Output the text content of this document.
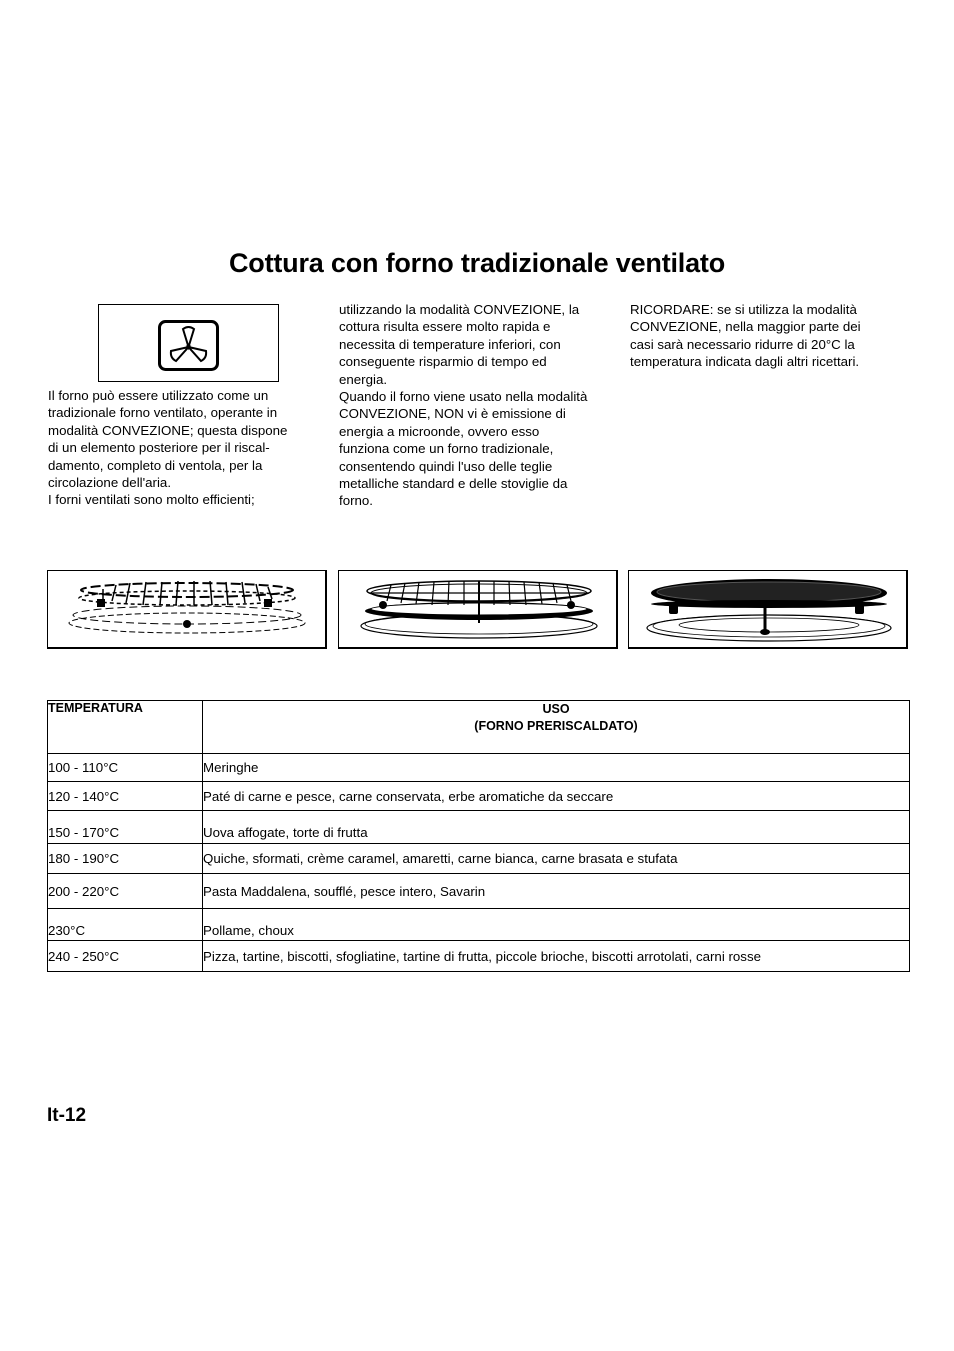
Cottura con forno tradizionale ventilato

Il forno può essere utilizzato come un

tradizionale forno ventilato, operante in

modalità CONVEZIONE; questa dispone

di un elemento posteriore per il riscal-

damento, completo di ventola, per la

circolazione dell'aria.

I forni ventilati sono molto efficienti;

utilizzando la modalità CONVEZIONE, la

cottura risulta essere molto rapida e

necessita di temperature inferiori, con

conseguente risparmio di tempo ed

energia.

Quando il forno viene usato nella modalità

CONVEZIONE, NON vi è emissione di

energia a microonde, ovvero esso

funziona come un forno tradizionale,

consentendo quindi l'uso delle teglie

metalliche standard e delle stoviglie da

forno.

RICORDARE: se si utilizza la modalità

CONVEZIONE, nella maggior parte dei

casi sarà necessario ridurre di 20°C la

temperatura indicata dagli altri ricettari.

TEMPERATURA	USO
(FORNO PRERISCALDATO)

100 - 110°C	Meringhe
120 - 140°C	Paté di carne e pesce, carne conservata, erbe aromatiche da seccare
150 - 170°C	Uova affogate, torte di frutta
180 - 190°C	Quiche, sformati, crème caramel, amaretti, carne bianca, carne brasata e stufata
200 - 220°C	Pasta Maddalena, soufflé, pesce intero, Savarin
230°C	Pollame, choux
240 - 250°C	Pizza, tartine, biscotti, sfogliatine, tartine di frutta, piccole brioche, biscotti arrotolati, carni rosse
It-12
